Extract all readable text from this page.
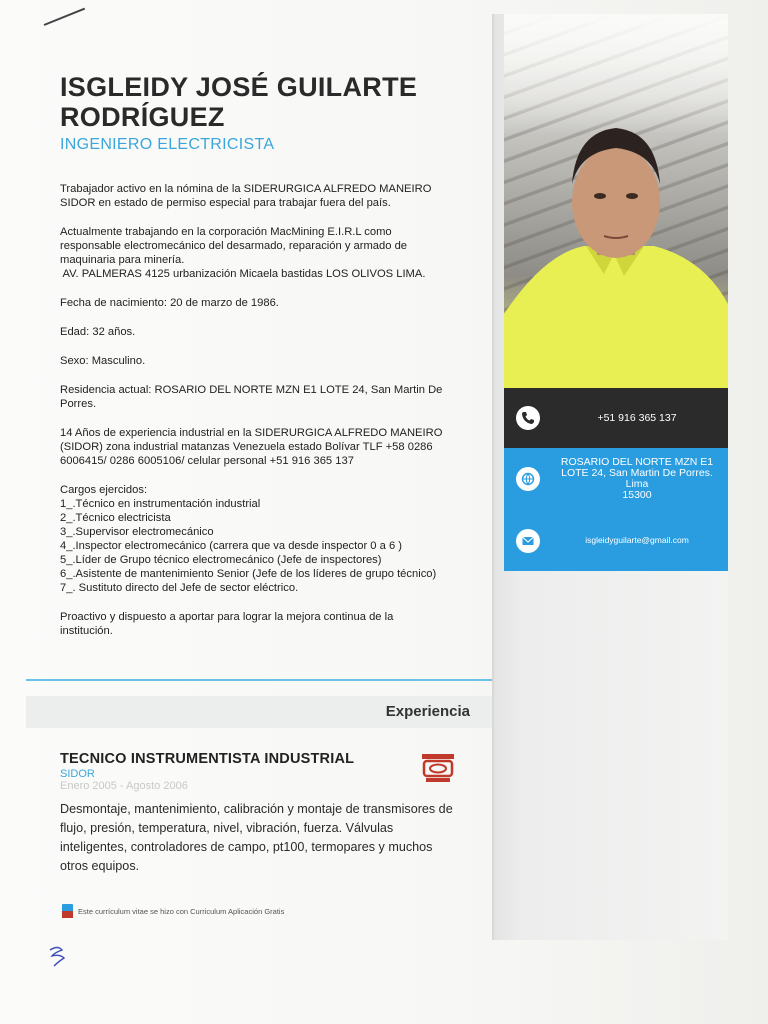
ISGLEIDY JOSÉ GUILARTE
RODRÍGUEZ
INGENIERO ELECTRICISTA

Trabajador activo en la nómina de la SIDERURGICA ALFREDO MANEIRO
SIDOR en estado de permiso especial para trabajar fuera del país.

Actualmente trabajando en la corporación MacMining E.I.R.L como
responsable electromecánico del desarmado, reparación y armado de
maquinaria para minería.
AV. PALMERAS 4125 urbanización Micaela bastidas LOS OLIVOS LIMA.

Fecha de nacimiento: 20 de marzo de 1986.

Edad: 32 años.

Sexo: Masculino.

Residencia actual: ROSARIO DEL NORTE MZN E1 LOTE 24, San Martin De
Porres.

14 Años de experiencia industrial en la SIDERURGICA ALFREDO MANEIRO
(SIDOR) zona industrial matanzas Venezuela estado Bolívar TLF +58 0286
6006415/ 0286 6005106/ celular personal +51 916 365 137

Cargos ejercidos:
1_.Técnico en instrumentación industrial
2_.Técnico electricista
3_.Supervisor electromecánico
4_.Inspector electromecánico (carrera que va desde inspector 0 a 6 )
5_.Líder de Grupo técnico electromecánico (Jefe de inspectores)
6_.Asistente de mantenimiento Senior (Jefe de los líderes de grupo técnico)
7_. Sustituto directo del Jefe de sector eléctrico.

Proactivo y dispuesto a aportar para lograr la mejora continua de la
institución.

Experiencia
TECNICO INSTRUMENTISTA INDUSTRIAL
SIDOR
Enero 2005 - Agosto 2006
Desmontaje, mantenimiento, calibración y montaje de transmisores de flujo, presión, temperatura, nivel, vibración, fuerza. Válvulas inteligentes, controladores de campo, pt100, termopares y muchos otros equipos.
Este currículum vitae se hizo con Curriculum Aplicación Gratis
+51 916 365 137
ROSARIO DEL NORTE MZN E1
LOTE 24, San Martin De Porres.
Lima
15300
isgleidyguilarte@gmail.com
